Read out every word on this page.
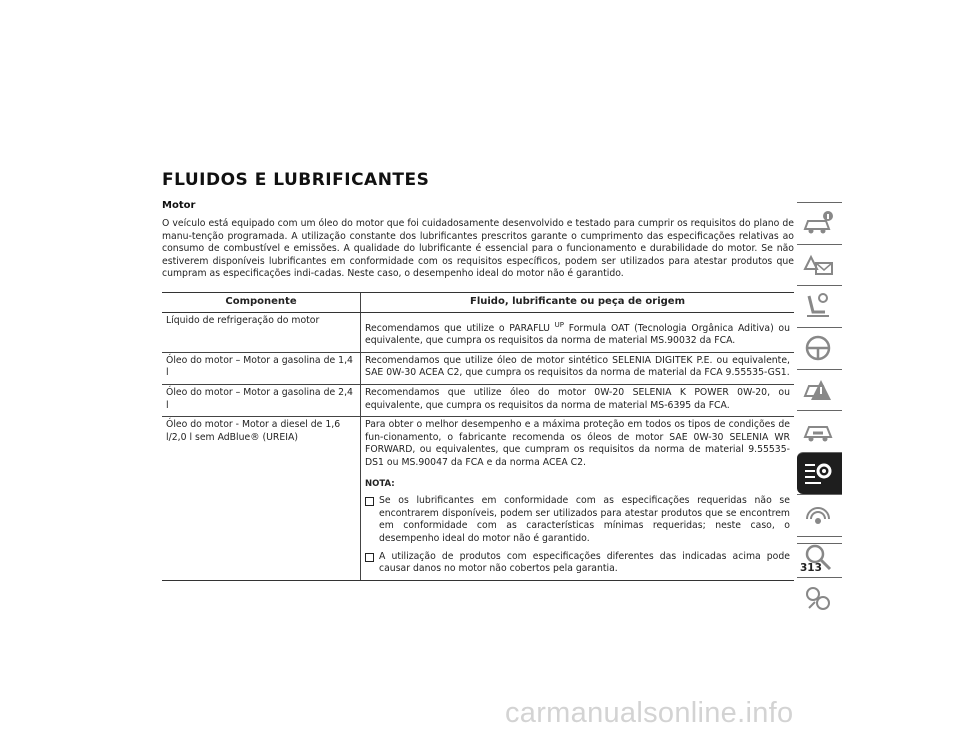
FLUIDOS E LUBRIFICANTES
Motor

O veículo está equipado com um óleo do motor que foi cuidadosamente desenvolvido e testado para cumprir os requisitos do plano de manu-tenção programada. A utilização constante dos lubrificantes prescritos garante o cumprimento das especificações relativas ao consumo de combustível e emissões. A qualidade do lubrificante é essencial para o funcionamento e durabilidade do motor. Se não estiverem disponíveis lubrificantes em conformidade com os requisitos específicos, podem ser utilizados para atestar produtos que cumpram as especificações indi-cadas. Neste caso, o desempenho ideal do motor não é garantido.

Componente	Fluido, lubrificante ou peça de origem
Líquido de refrigeração do motor	Recomendamos que utilize o PARAFLU $^{UP}$ Formula OAT (Tecnologia Orgânica Aditiva) ou equivalente, que cumpra os requisitos da norma de material MS.90032 da FCA.
Óleo do motor – Motor a gasolina de 1,4 l	Recomendamos que utilize óleo de motor sintético SELENIA DIGITEK P.E. ou equivalente, SAE 0W-30 ACEA C2, que cumpra os requisitos da norma de material da FCA 9.55535-GS1.
Óleo do motor – Motor a gasolina de 2,4 l	Recomendamos que utilize óleo do motor 0W-20 SELENIA K POWER 0W-20, ou equivalente, que cumpra os requisitos da norma de material MS-6395 da FCA.
Óleo do motor - Motor a diesel de 1,6 l/2,0 l sem AdBlue® (UREIA)	Para obter o melhor desempenho e a máxima proteção em todos os tipos de condições de fun-cionamento, o fabricante recomenda os óleos de motor SAE 0W-30 SELENIA WR FORWARD, ou equivalentes, que cumpram os requisitos da norma de material 9.55535- DS1 ou MS.90047 da FCA e da norma ACEA C2.
NOTA:
Se os lubrificantes em conformidade com as especificações requeridas não se encontrarem disponíveis, podem ser utilizados para atestar produtos que se encontrem em conformidade com as características mínimas requeridas; neste caso, o desempenho ideal do motor não é garantido.
A utilização de produtos com especificações diferentes das indicadas acima pode causar danos no motor não cobertos pela garantia.	313
carmanualsonline.info
